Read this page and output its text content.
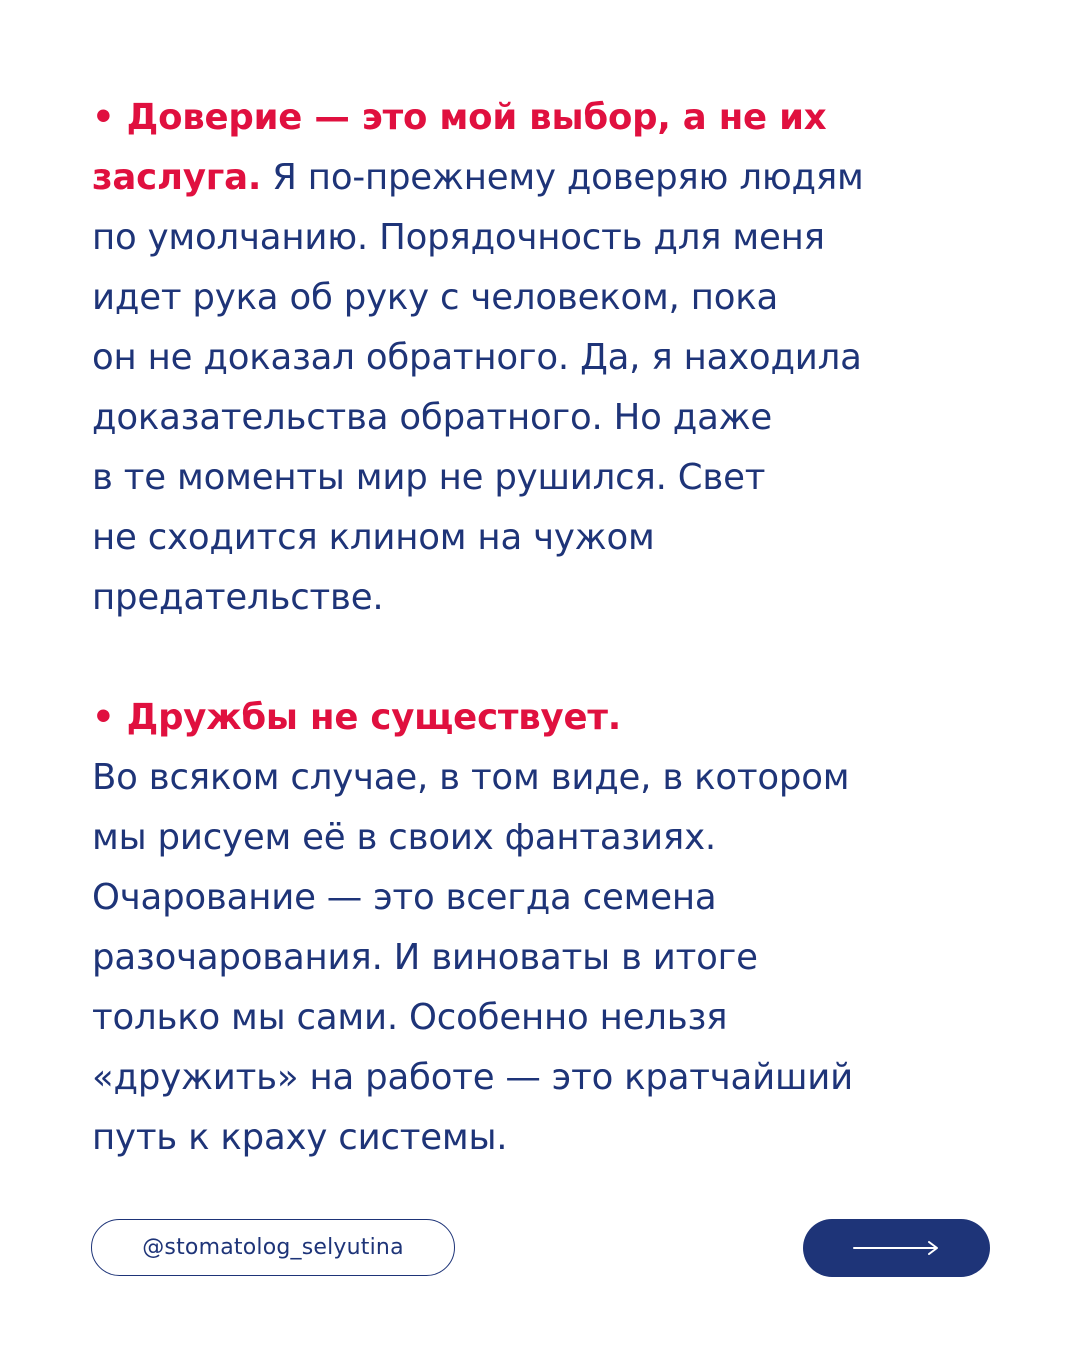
• Доверие — это мой выбор, а не их
заслуга. Я по-прежнему доверяю людям
по умолчанию. Порядочность для меня
идет рука об руку с человеком, пока
он не доказал обратного. Да, я находила
доказательства обратного. Но даже
в те моменты мир не рушился. Свет
не сходится клином на чужом
предательстве.
• Дружбы не существует.
Во всяком случае, в том виде, в котором
мы рисуем её в своих фантазиях.
Очарование — это всегда семена
разочарования. И виноваты в итоге
только мы сами. Особенно нельзя
«дружить» на работе — это кратчайший
путь к краху системы.
@stomatolog_selyutina
